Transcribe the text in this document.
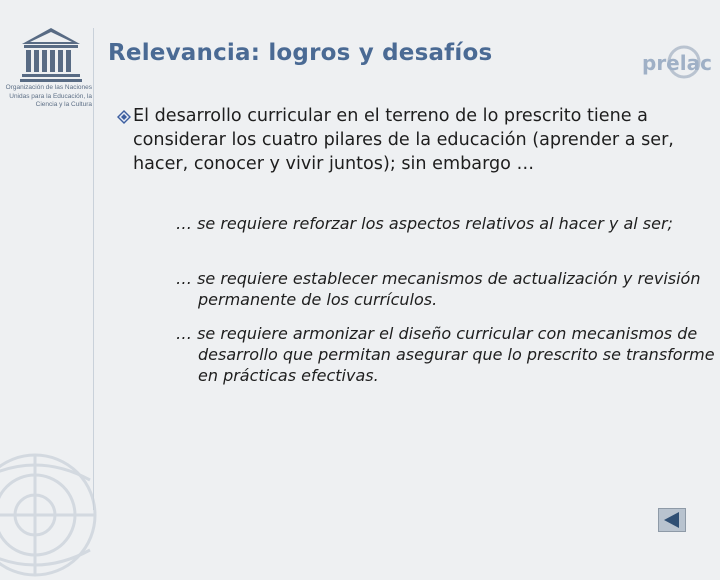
Organización de las Naciones Unidas para la Educación, la Ciencia y la Cultura
Relevancia: logros y desafíos	prelac

El desarrollo curricular en el terreno de lo prescrito tiene a considerar los cuatro pilares de la educación (aprender a ser, hacer, conocer y vivir juntos); sin embargo …

… se requiere reforzar los aspectos relativos al hacer y al ser;

… se requiere establecer mecanismos de actualización y revisión permanente de los currículos.

… se requiere armonizar el diseño curricular con mecanismos de desarrollo que permitan asegurar que lo prescrito se transforme en prácticas efectivas.
